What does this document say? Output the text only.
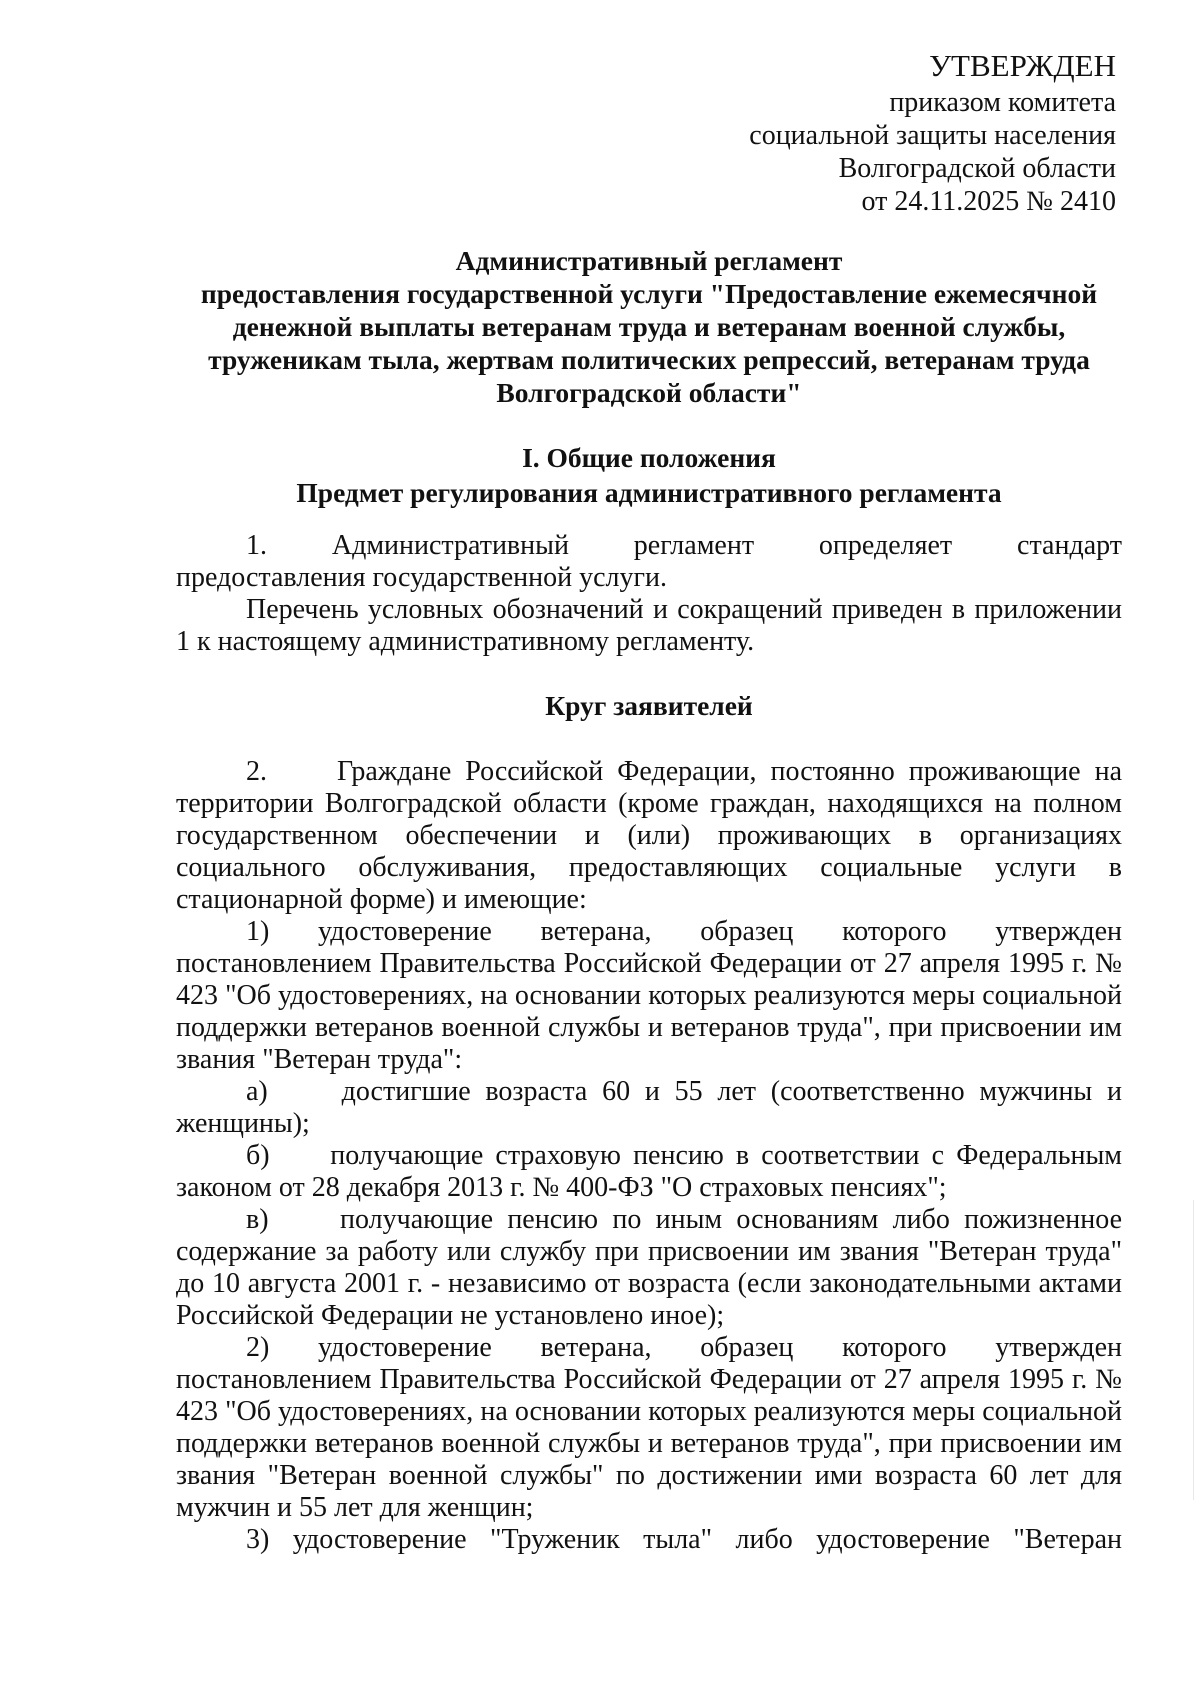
УТВЕРЖДЕН
приказом комитета
социальной защиты населения
Волгоградской области
от 24.11.2025 № 2410
Административный регламент
предоставления государственной услуги "Предоставление ежемесячной
денежной выплаты ветеранам труда и ветеранам военной службы,
труженикам тыла, жертвам политических репрессий, ветеранам труда
Волгоградской области"
I. Общие положения
Предмет регулирования административного регламента

1.       Административный       регламент       определяет       стандарт

предоставления государственной услуги.

Перечень условных обозначений и сокращений приведен в приложении 1 к настоящему административному регламенту.

Круг заявителей

2.     Граждане Российской Федерации, постоянно проживающие на территории Волгоградской области (кроме граждан, находящихся на полном государственном обеспечении и (или) проживающих в организациях социального обслуживания, предоставляющих социальные услуги в стационарной форме) и имеющие:

1)     удостоверение     ветерана,     образец     которого     утвержден постановлением Правительства Российской Федерации от 27 апреля 1995 г. № 423 "Об удостоверениях, на основании которых реализуются меры социальной поддержки ветеранов военной службы и ветеранов труда", при присвоении им звания "Ветеран труда":

а)     достигшие возраста 60 и 55 лет (соответственно мужчины и женщины);

б)     получающие страховую пенсию в соответствии с Федеральным законом от 28 декабря 2013 г. № 400-ФЗ "О страховых пенсиях";

в)     получающие пенсию по иным основаниям либо пожизненное содержание за работу или службу при присвоении им звания "Ветеран труда" до 10 августа 2001 г. - независимо от возраста (если законодательными актами Российской Федерации не установлено иное);

2)     удостоверение     ветерана,     образец     которого     утвержден постановлением Правительства Российской Федерации от 27 апреля 1995 г. № 423 "Об удостоверениях, на основании которых реализуются меры социальной поддержки ветеранов военной службы и ветеранов труда", при присвоении им звания "Ветеран военной службы" по достижении ими возраста 60 лет для мужчин и 55 лет для женщин;

3) удостоверение "Труженик тыла" либо удостоверение "Ветеран
